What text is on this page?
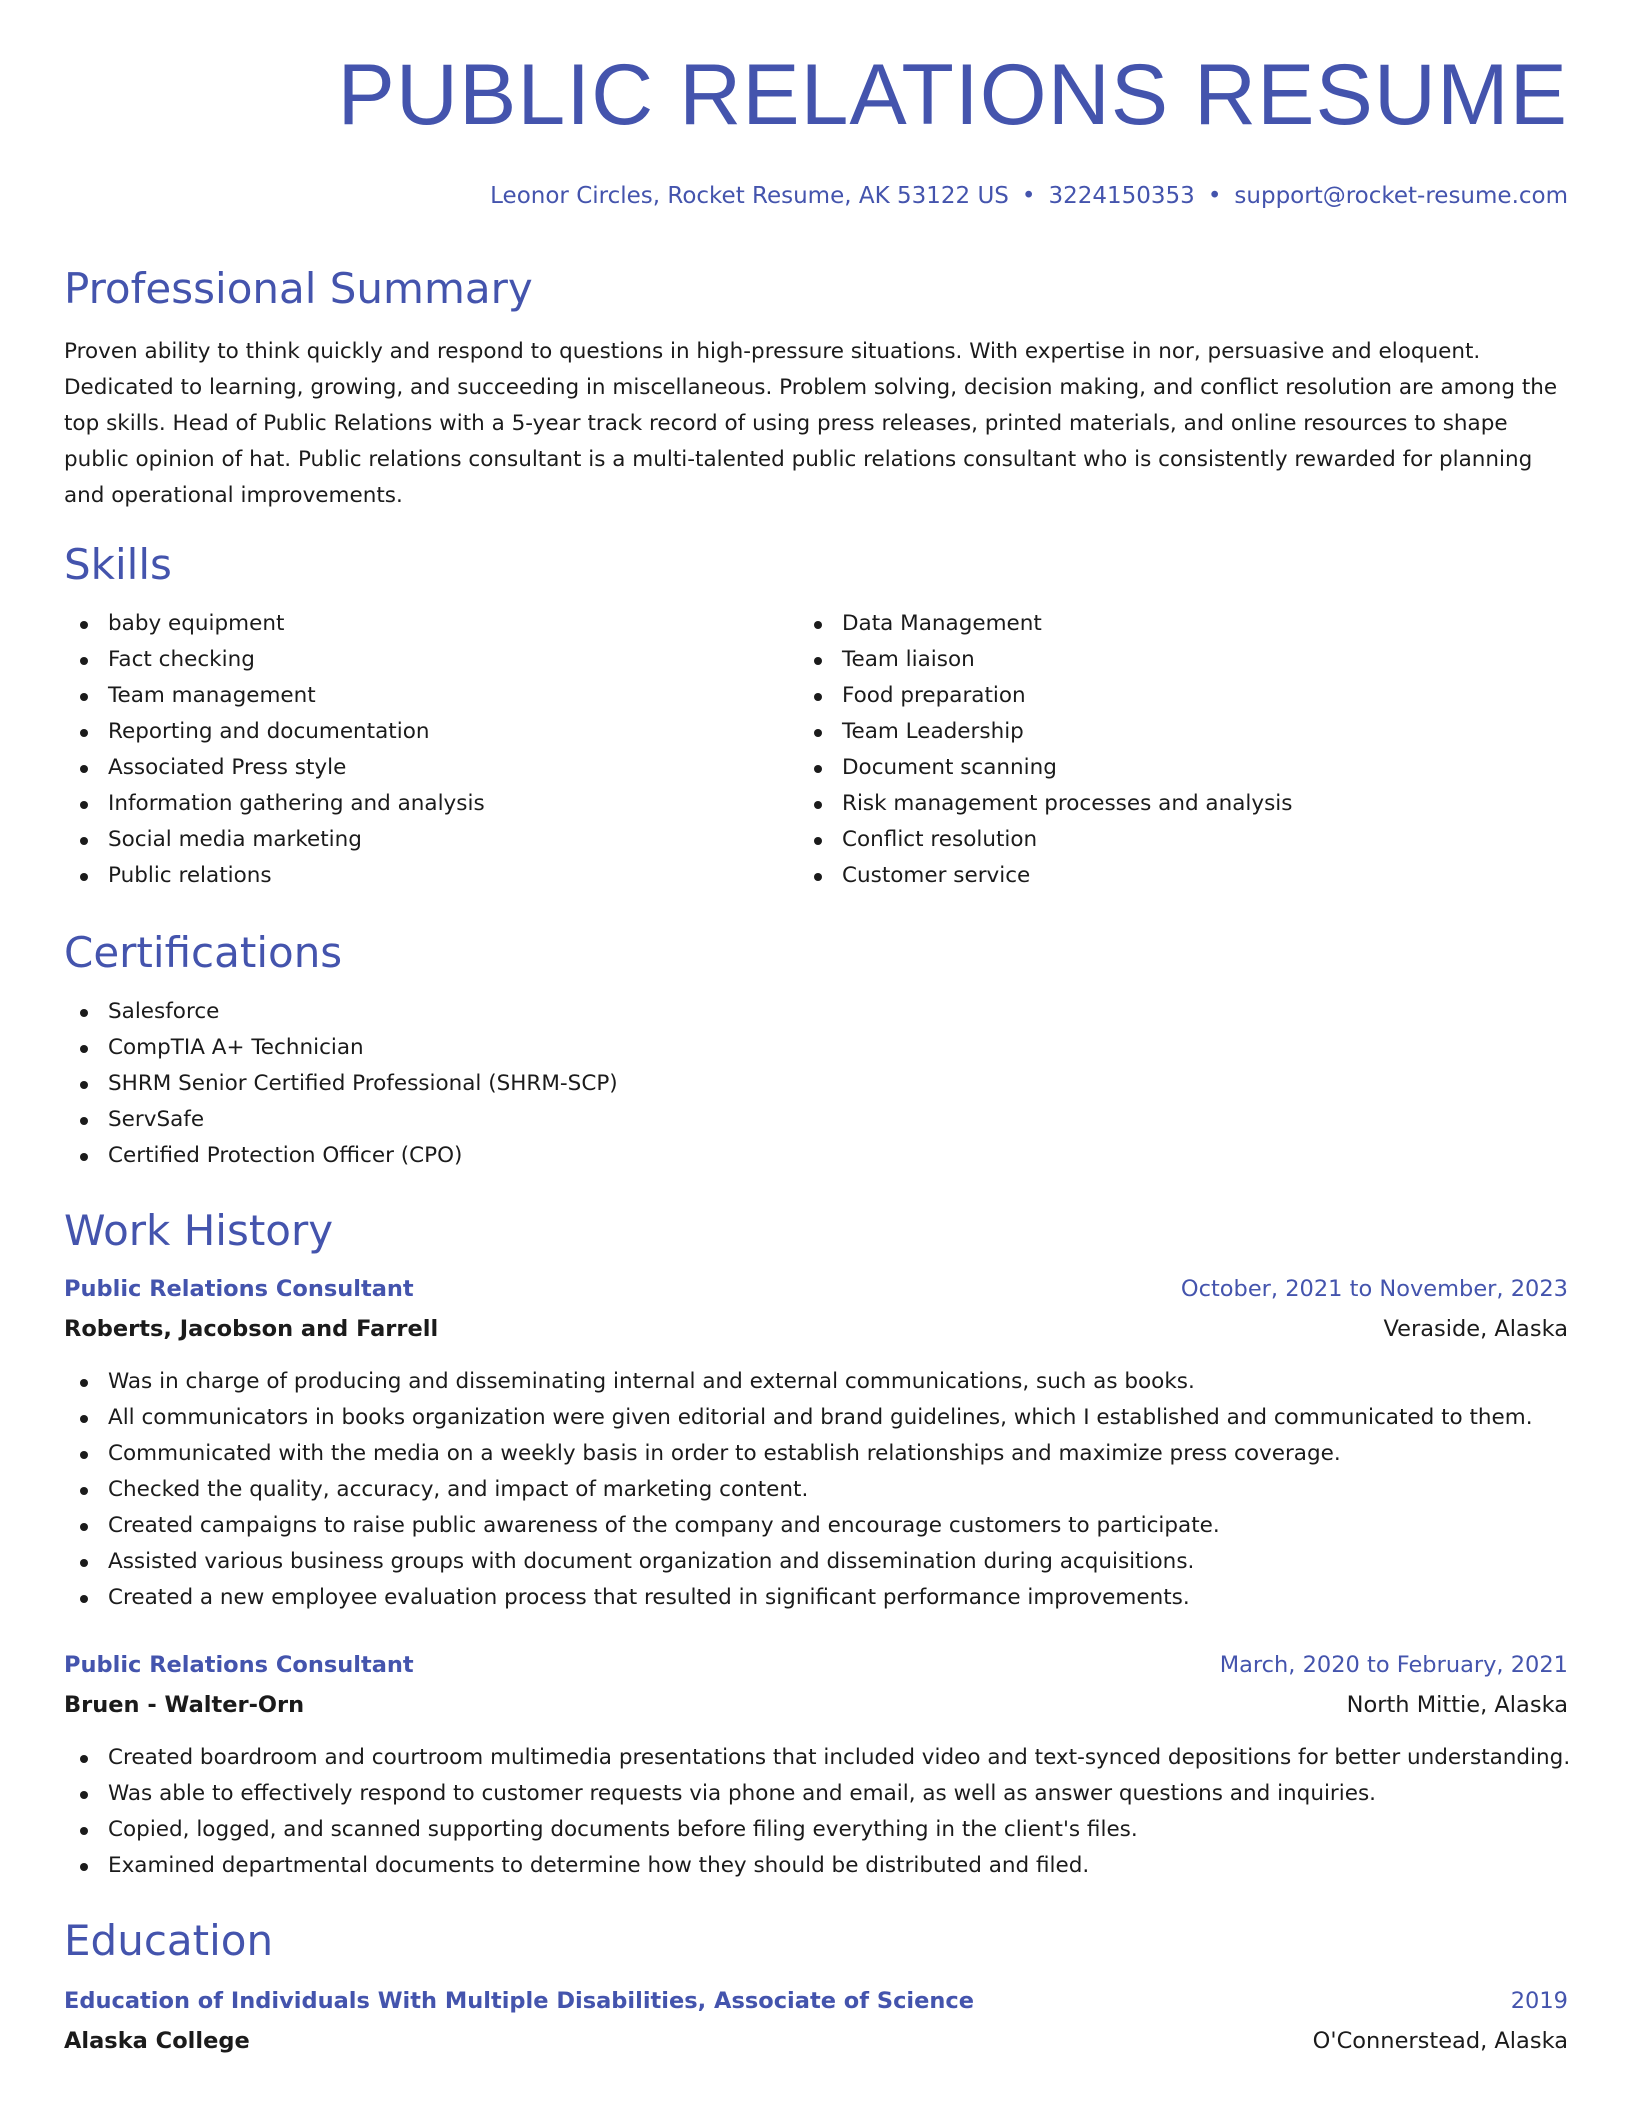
PUBLIC RELATIONS RESUME
Leonor Circles, Rocket Resume, AK 53122 US • 3224150353 • support@rocket-resume.com
Professional Summary

Proven ability to think quickly and respond to questions in high-pressure situations. With expertise in nor, persuasive and eloquent. Dedicated to learning, growing, and succeeding in miscellaneous. Problem solving, decision making, and conflict resolution are among the top skills. Head of Public Relations with a 5-year track record of using press releases, printed materials, and online resources to shape public opinion of hat. Public relations consultant is a multi-talented public relations consultant who is consistently rewarded for planning and operational improvements.

Skills
baby equipment
Fact checking
Team management
Reporting and documentation
Associated Press style
Information gathering and analysis
Social media marketing
Public relations
Data Management
Team liaison
Food preparation
Team Leadership
Document scanning
Risk management processes and analysis
Conflict resolution
Customer service
Certifications
Salesforce
CompTIA A+ Technician
SHRM Senior Certified Professional (SHRM-SCP)
ServSafe
Certified Protection Officer (CPO)
Work History
Public Relations Consultant	October, 2021 to November, 2023
Roberts, Jacobson and Farrell	Veraside, Alaska
Was in charge of producing and disseminating internal and external communications, such as books.
All communicators in books organization were given editorial and brand guidelines, which I established and communicated to them.
Communicated with the media on a weekly basis in order to establish relationships and maximize press coverage.
Checked the quality, accuracy, and impact of marketing content.
Created campaigns to raise public awareness of the company and encourage customers to participate.
Assisted various business groups with document organization and dissemination during acquisitions.
Created a new employee evaluation process that resulted in significant performance improvements.
Public Relations Consultant	March, 2020 to February, 2021
Bruen - Walter-Orn	North Mittie, Alaska
Created boardroom and courtroom multimedia presentations that included video and text-synced depositions for better understanding.
Was able to effectively respond to customer requests via phone and email, as well as answer questions and inquiries.
Copied, logged, and scanned supporting documents before filing everything in the client's files.
Examined departmental documents to determine how they should be distributed and filed.
Education
Education of Individuals With Multiple Disabilities, Associate of Science	2019
Alaska College	O'Connerstead, Alaska
